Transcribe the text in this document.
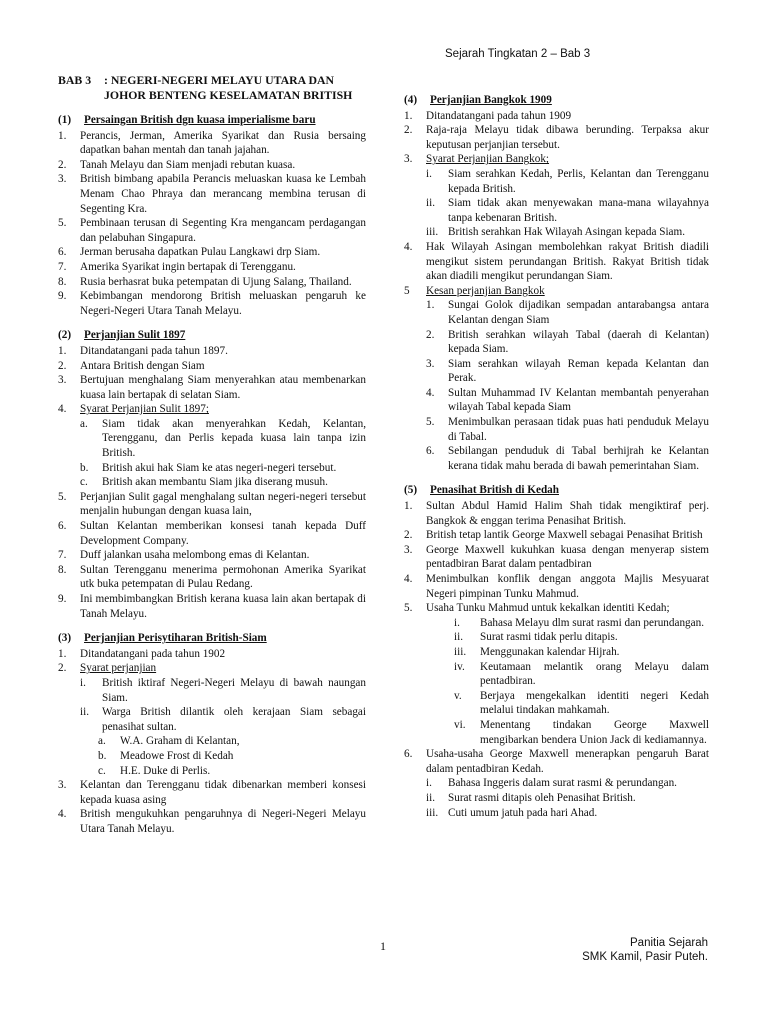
Sejarah Tingkatan 2 – Bab 3
BAB 3	: NEGERI-NEGERI MELAYU UTARA DAN JOHOR BENTENG KESELAMATAN BRITISH
(1) Persaingan British dgn kuasa imperialisme baru
1.	Perancis, Jerman, Amerika Syarikat dan Rusia bersaing dapatkan bahan mentah dan tanah jajahan.
2.	Tanah Melayu dan Siam menjadi rebutan kuasa.
3.	British bimbang apabila Perancis meluaskan kuasa ke Lembah Menam Chao Phraya dan merancang membina terusan di Segenting Kra.
5.	Pembinaan terusan di Segenting Kra mengancam perdagangan dan pelabuhan Singapura.
6.	Jerman berusaha dapatkan Pulau Langkawi drp Siam.
7.	Amerika Syarikat ingin bertapak di Terengganu.
8.	Rusia berhasrat buka petempatan di Ujung Salang, Thailand.
9.	Kebimbangan mendorong British meluaskan pengaruh ke Negeri-Negeri Utara Tanah Melayu.
(2) Perjanjian Sulit 1897
1.	Ditandatangani pada tahun 1897.
2.	Antara British dengan Siam
3.	Bertujuan menghalang Siam menyerahkan atau membenarkan kuasa lain bertapak di selatan Siam.
4.	Syarat Perjanjian Sulit 1897;
a.	Siam tidak akan menyerahkan Kedah, Kelantan, Terengganu, dan Perlis kepada kuasa lain tanpa izin British.
b.	British akui hak Siam ke atas negeri-negeri tersebut.
c.	British akan membantu Siam jika diserang musuh.
5.	Perjanjian Sulit gagal menghalang sultan negeri-negeri tersebut menjalin hubungan dengan kuasa lain,
6.	Sultan Kelantan memberikan konsesi tanah kepada Duff Development Company.
7.	Duff jalankan usaha melombong emas di Kelantan.
8.	Sultan Terengganu menerima permohonan Amerika Syarikat utk buka petempatan di Pulau Redang.
9.	Ini membimbangkan British kerana kuasa lain akan bertapak di Tanah Melayu.
(3) Perjanjian Perisytiharan British-Siam
1.	Ditandatangani pada tahun 1902
2.	Syarat perjanjian
i.	British iktiraf Negeri-Negeri Melayu di bawah naungan Siam.
ii.	Warga British dilantik oleh kerajaan Siam sebagai penasihat sultan.
a.	W.A. Graham di Kelantan,
b.	Meadowe Frost di Kedah
c.	H.E. Duke di Perlis.
3.	Kelantan dan Terengganu tidak dibenarkan memberi konsesi kepada kuasa asing
4.	British mengukuhkan pengaruhnya di Negeri-Negeri Melayu Utara Tanah Melayu.
(4) Perjanjian Bangkok 1909
1.	Ditandatangani pada tahun 1909
2.	Raja-raja Melayu tidak dibawa berunding. Terpaksa akur keputusan perjanjian tersebut.
3.	Syarat Perjanjian Bangkok;
i.	Siam serahkan Kedah, Perlis, Kelantan dan Terengganu kepada British.
ii.	Siam tidak akan menyewakan mana-mana wilayahnya tanpa kebenaran British.
iii. British serahkan Hak Wilayah Asingan kepada Siam.
4.	Hak Wilayah Asingan membolehkan rakyat British diadili mengikut sistem perundangan British. Rakyat British tidak akan diadili mengikut perundangan Siam.
5	Kesan perjanjian Bangkok
1.	Sungai Golok dijadikan sempadan antarabangsa antara Kelantan dengan Siam
2.	British serahkan wilayah Tabal (daerah di Kelantan) kepada Siam.
3.	Siam serahkan wilayah Reman kepada Kelantan dan Perak.
4.	Sultan Muhammad IV Kelantan membantah penyerahan wilayah Tabal kepada Siam
5.	Menimbulkan perasaan tidak puas hati penduduk Melayu di Tabal.
6.	Sebilangan penduduk di Tabal berhijrah ke Kelantan kerana tidak mahu berada di bawah pemerintahan Siam.
(5) Penasihat British di Kedah
1.	Sultan Abdul Hamid Halim Shah tidak mengiktiraf perj. Bangkok & enggan terima Penasihat British.
2.	British tetap lantik George Maxwell sebagai Penasihat British
3.	George Maxwell kukuhkan kuasa dengan menyerap sistem pentadbiran Barat dalam pentadbiran
4.	Menimbulkan konflik dengan anggota Majlis Mesyuarat Negeri pimpinan Tunku Mahmud.
5.	Usaha Tunku Mahmud untuk kekalkan identiti Kedah;
i.	Bahasa Melayu dlm surat rasmi dan perundangan.
ii.	Surat rasmi tidak perlu ditapis.
iii.	Menggunakan kalendar Hijrah.
iv.	Keutamaan melantik orang Melayu dalam pentadbiran.
v.	Berjaya mengekalkan identiti negeri Kedah melalui tindakan mahkamah.
vi.	Menentang tindakan George Maxwell mengibarkan bendera Union Jack di kediamannya.
6.	Usaha-usaha George Maxwell menerapkan pengaruh Barat dalam pentadbiran Kedah.
i.	Bahasa Inggeris dalam surat rasmi & perundangan.
ii.	Surat rasmi ditapis oleh Penasihat British.
iii. Cuti umum jatuh pada hari Ahad.
1	Panitia Sejarah
SMK Kamil, Pasir Puteh.
